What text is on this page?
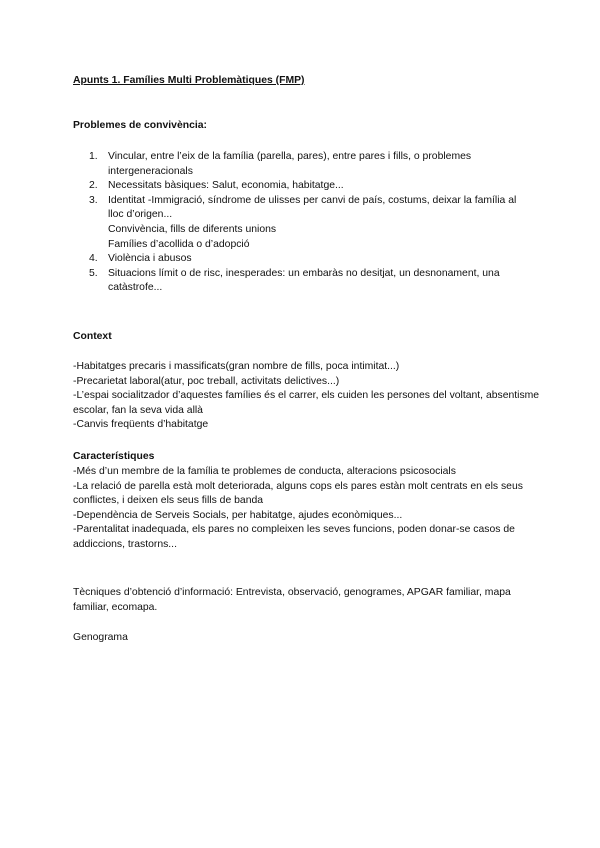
Apunts 1. Famílies Multi Problemàtiques (FMP)

Problemes de convivència:

1. Vincular, entre l’eix de la família (parella, pares), entre pares i fills, o problemes intergeneracionals
2. Necessitats bàsiques: Salut, economia, habitatge...
3. Identitat -Immigració, síndrome de ulisses per canvi de país, costums, deixar la família al lloc d’origen...
Convivència, fills de diferents unions
Famílies d’acollida o d’adopció
4. Violència i abusos
5. Situacions límit o de risc, inesperades: un embaràs no desitjat, un desnonament, una catàstrofe...

Context

-Habitatges precaris i massificats(gran nombre de fills, poca intimitat...)

-Precarietat laboral(atur, poc treball, activitats delictives...)

-L’espai socialitzador d’aquestes famílies és el carrer, els cuiden les persones del voltant, absentisme escolar, fan la seva vida allà

-Canvis freqüents d’habitatge

Característiques

-Més d’un membre de la família te problemes de conducta, alteracions psicosocials

-La relació de parella està molt deteriorada, alguns cops els pares estàn molt centrats en els seus conflictes, i deixen els seus fills de banda

-Dependència de Serveis Socials, per habitatge, ajudes econòmiques...

-Parentalitat inadequada, els pares no compleixen les seves funcions, poden donar-se casos de addiccions, trastorns...

Tècniques d’obtenció d’informació: Entrevista, observació, genogrames, APGAR familiar, mapa familiar, ecomapa.

Genograma
